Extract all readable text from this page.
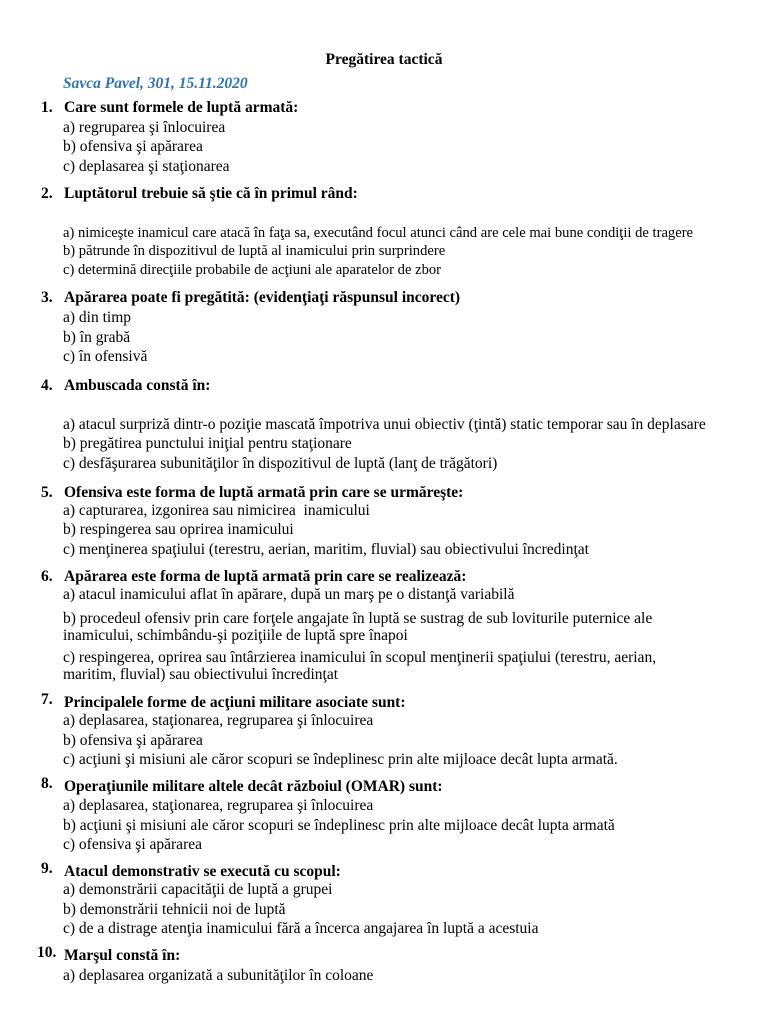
Pregătirea tactică
Savca Pavel, 301, 15.11.2020
1. Care sunt formele de luptă armată:
a) regruparea şi înlocuirea
b) ofensiva şi apărarea
c) deplasarea şi staţionarea
2. Luptătorul trebuie să ştie că în primul rând:
a) nimiceşte inamicul care atacă în faţa sa, executând focul atunci când are cele mai bune condiţii de tragere
b) pătrunde în dispozitivul de luptă al inamicului prin surprindere
c) determină direcţiile probabile de acţiuni ale aparatelor de zbor
3. Apărarea poate fi pregătită: (evidenţiaţi răspunsul incorect)
a) din timp
b) în grabă
c) în ofensivă
4. Ambuscada constă în:
a) atacul surpriză dintr-o poziţie mascată împotriva unui obiectiv (ţintă) static temporar sau în deplasare
b) pregătirea punctului iniţial pentru staţionare
c) desfăşurarea subunităţilor în dispozitivul de luptă (lanţ de trăgători)
5. Ofensiva este forma de luptă armată prin care se urmăreşte:
a) capturarea, izgonirea sau nimicirea  inamicului
b) respingerea sau oprirea inamicului
c) menţinerea spaţiului (terestru, aerian, maritim, fluvial) sau obiectivului încredinţat
6. Apărarea este forma de luptă armată prin care se realizează:
a) atacul inamicului aflat în apărare, după un marş pe o distanţă variabilă
b) procedeul ofensiv prin care forţele angajate în luptă se sustrag de sub loviturile puternice ale inamicului, schimbându-şi poziţiile de luptă spre înapoi
c) respingerea, oprirea sau întârzierea inamicului în scopul menţinerii spaţiului (terestru, aerian, maritim, fluvial) sau obiectivului încredinţat
7. Principalele forme de acţiuni militare asociate sunt:
a) deplasarea, staţionarea, regruparea şi înlocuirea
b) ofensiva şi apărarea
c) acţiuni şi misiuni ale căror scopuri se îndeplinesc prin alte mijloace decât lupta armată.
8. Operaţiunile militare altele decât războiul (OMAR) sunt:
a) deplasarea, staţionarea, regruparea şi înlocuirea
b) acţiuni şi misiuni ale căror scopuri se îndeplinesc prin alte mijloace decât lupta armată
c) ofensiva şi apărarea
9. Atacul demonstrativ se execută cu scopul:
a) demonstrării capacităţii de luptă a grupei
b) demonstrării tehnicii noi de luptă
c) de a distrage atenţia inamicului fără a încerca angajarea în luptă a acestuia
10. Marşul constă în:
a) deplasarea organizată a subunităţilor în coloane
